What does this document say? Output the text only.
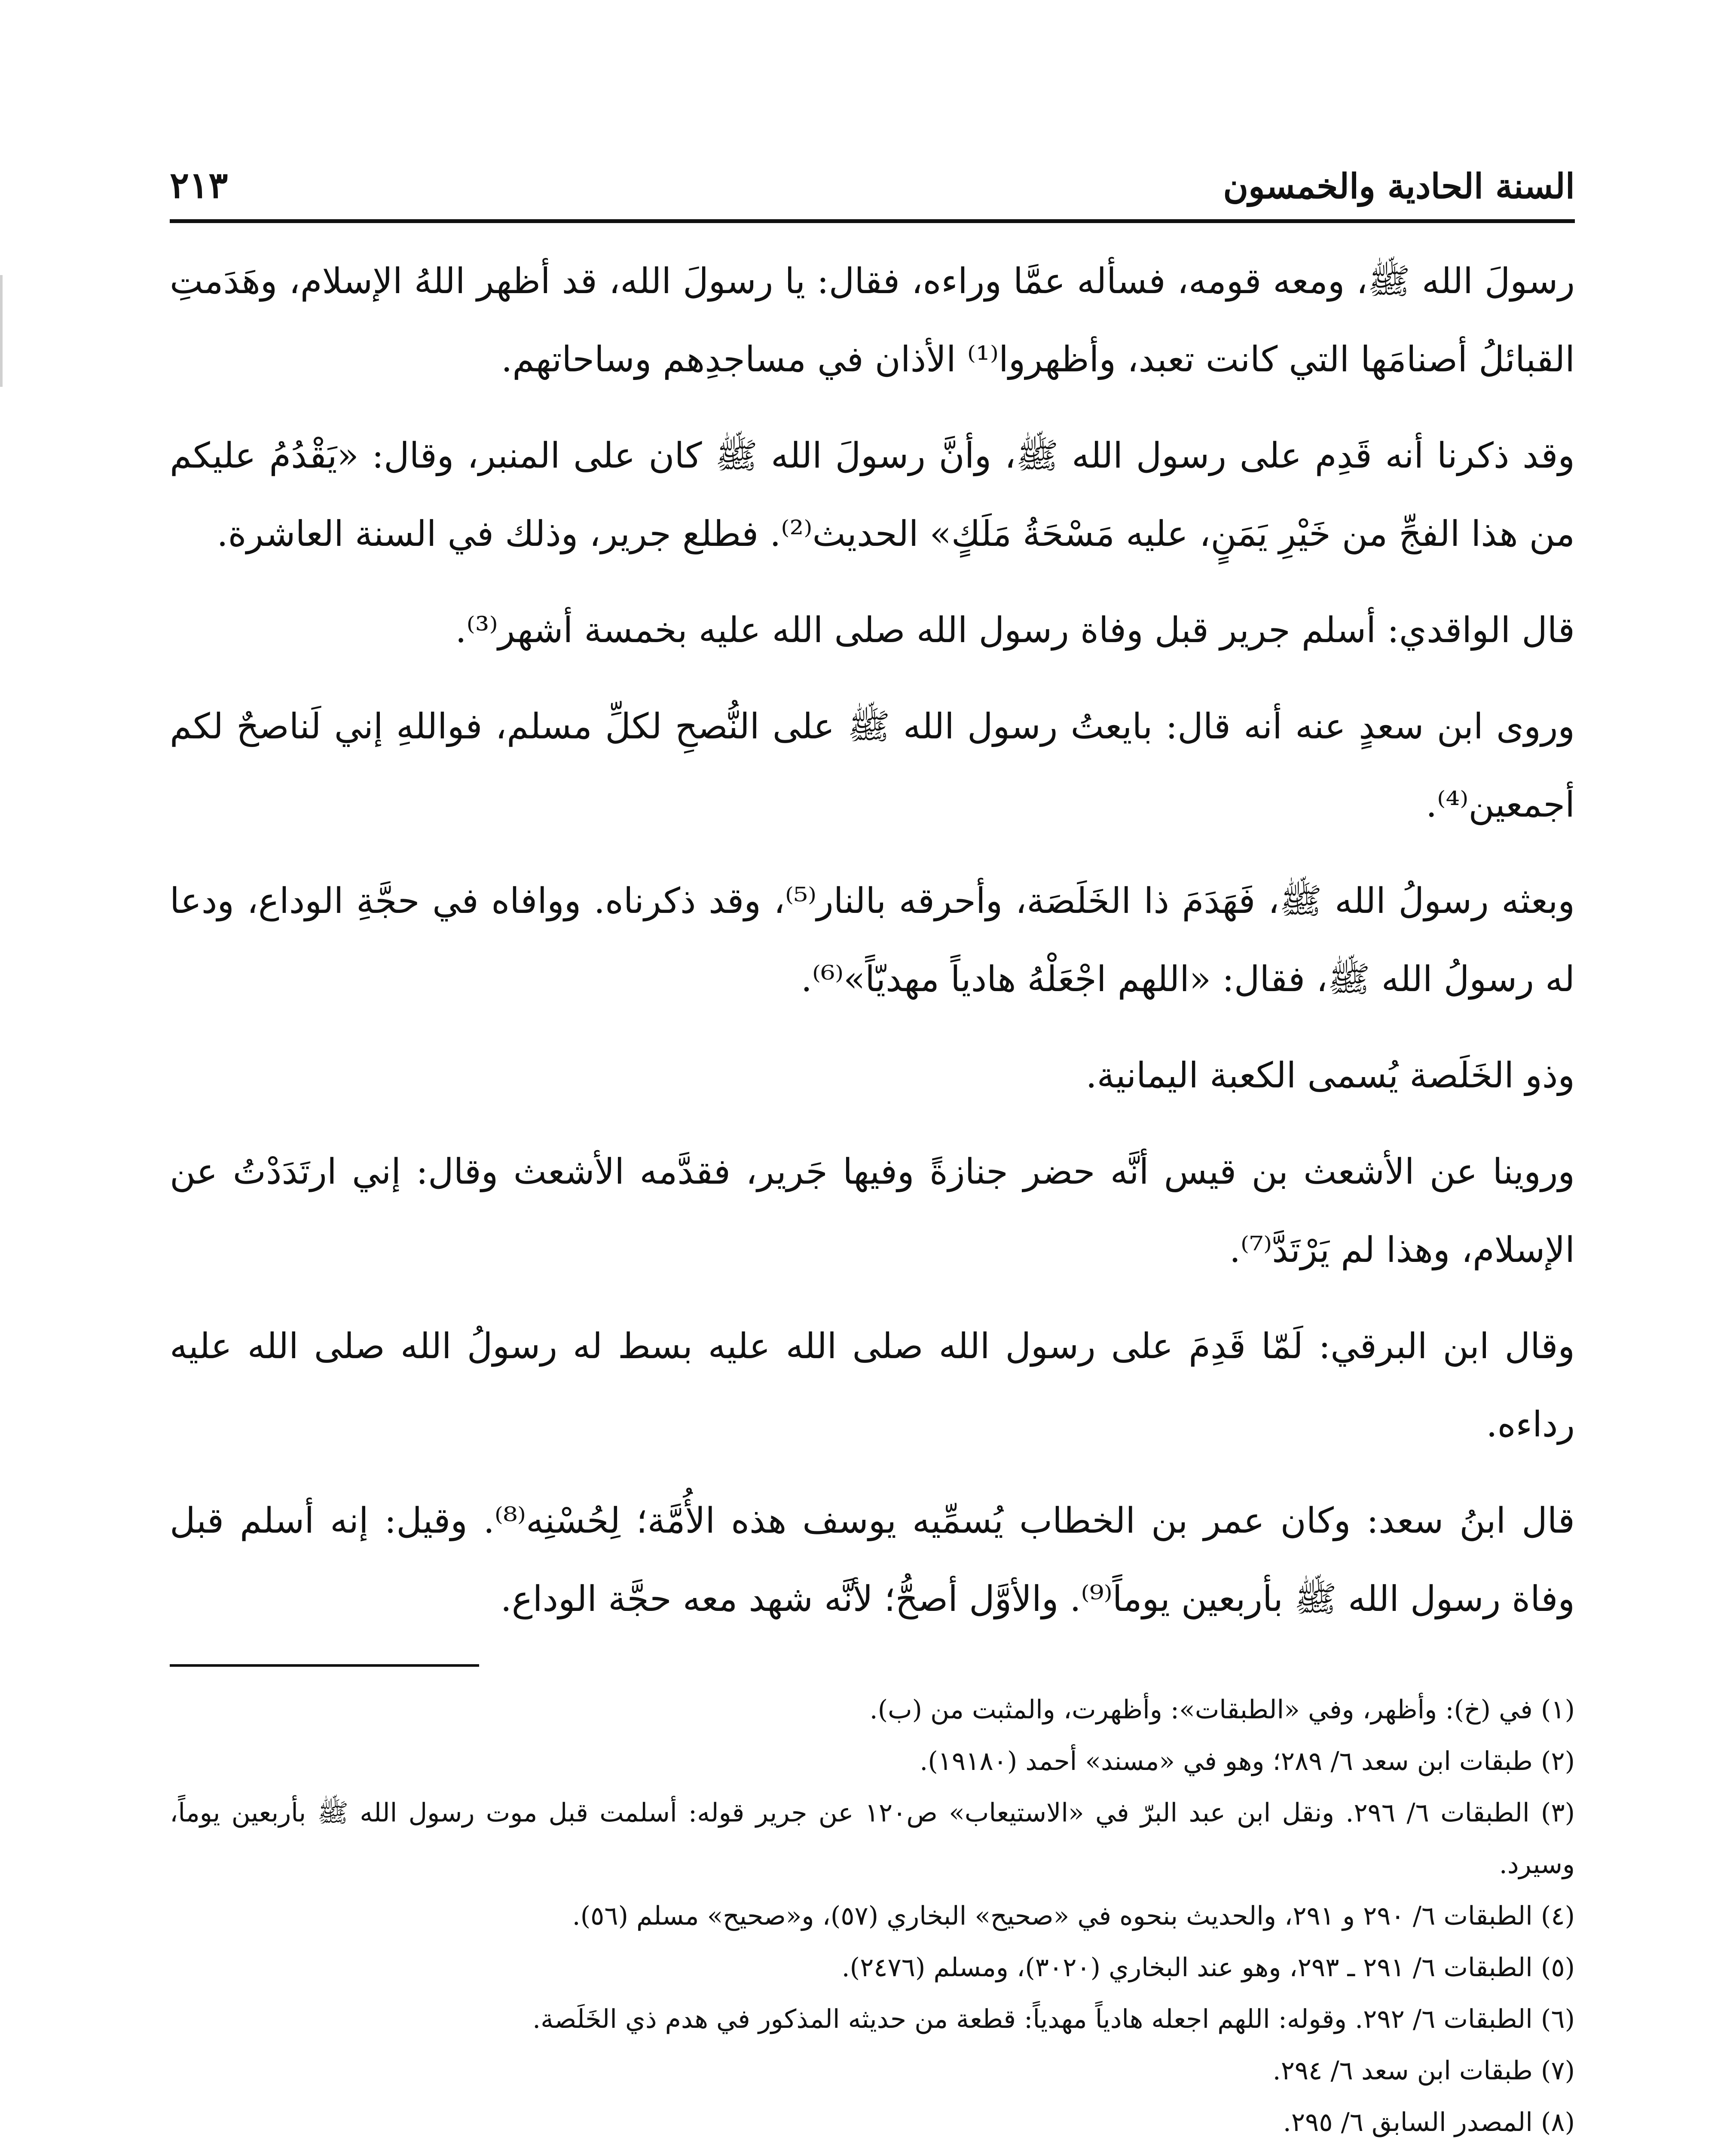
السنة الحادية والخمسون
٢١٣

رسولَ الله ﷺ، ومعه قومه، فسأله عمَّا وراءه، فقال: يا رسولَ الله، قد أظهر اللهُ الإسلام، وهَدَمتِ القبائلُ أصنامَها التي كانت تعبد، وأظهروا⁽¹⁾ الأذان في مساجدِهم وساحاتهم.

وقد ذكرنا أنه قَدِم على رسول الله ﷺ، وأنَّ رسولَ الله ﷺ كان على المنبر، وقال: «يَقْدُمُ عليكم من هذا الفجِّ من خَيْرِ يَمَنٍ، عليه مَسْحَةُ مَلَكٍ» الحديث⁽²⁾. فطلع جرير، وذلك في السنة العاشرة.

قال الواقدي: أسلم جرير قبل وفاة رسول الله صلى الله عليه بخمسة أشهر⁽³⁾.

وروى ابن سعدٍ عنه أنه قال: بايعتُ رسول الله ﷺ على النُّصحِ لكلِّ مسلم، فواللهِ إني لَناصحٌ لكم أجمعين⁽⁴⁾.

وبعثه رسولُ الله ﷺ، فَهَدَمَ ذا الخَلَصَة، وأحرقه بالنار⁽⁵⁾، وقد ذكرناه. ووافاه في حجَّةِ الوداع، ودعا له رسولُ الله ﷺ، فقال: «اللهم اجْعَلْهُ هادياً مهديّاً»⁽⁶⁾.

وذو الخَلَصة يُسمى الكعبة اليمانية.

وروينا عن الأشعث بن قيس أنَّه حضر جنازةً وفيها جَرير، فقدَّمه الأشعث وقال: إني ارتَدَدْتُ عن الإسلام، وهذا لم يَرْتَدَّ⁽⁷⁾.

وقال ابن البرقي: لَمّا قَدِمَ على رسول الله صلى الله عليه بسط له رسولُ الله صلى الله عليه رداءه.

قال ابنُ سعد: وكان عمر بن الخطاب يُسمِّيه يوسف هذه الأُمَّة؛ لِحُسْنِه⁽⁸⁾. وقيل: إنه أسلم قبل وفاة رسول الله ﷺ بأربعين يوماً⁽⁹⁾. والأوَّل أصحُّ؛ لأنَّه شهد معه حجَّة الوداع.

(١) في (خ): وأظهر، وفي «الطبقات»: وأظهرت، والمثبت من (ب).
(٢) طبقات ابن سعد ٦/ ٢٨٩؛ وهو في «مسند» أحمد (١٩١٨٠).
(٣) الطبقات ٦/ ٢٩٦. ونقل ابن عبد البرّ في «الاستيعاب» ص١٢٠ عن جرير قوله: أسلمت قبل موت رسول الله ﷺ بأربعين يوماً، وسيرد.
(٤) الطبقات ٦/ ٢٩٠ و ٢٩١، والحديث بنحوه في «صحيح» البخاري (٥٧)، و«صحيح» مسلم (٥٦).
(٥) الطبقات ٦/ ٢٩١ ـ ٢٩٣، وهو عند البخاري (٣٠٢٠)، ومسلم (٢٤٧٦).
(٦) الطبقات ٦/ ٢٩٢. وقوله: اللهم اجعله هادياً مهدياً: قطعة من حديثه المذكور في هدم ذي الخَلَصة.
(٧) طبقات ابن سعد ٦/ ٢٩٤.
(٨) المصدر السابق ٦/ ٢٩٥.
